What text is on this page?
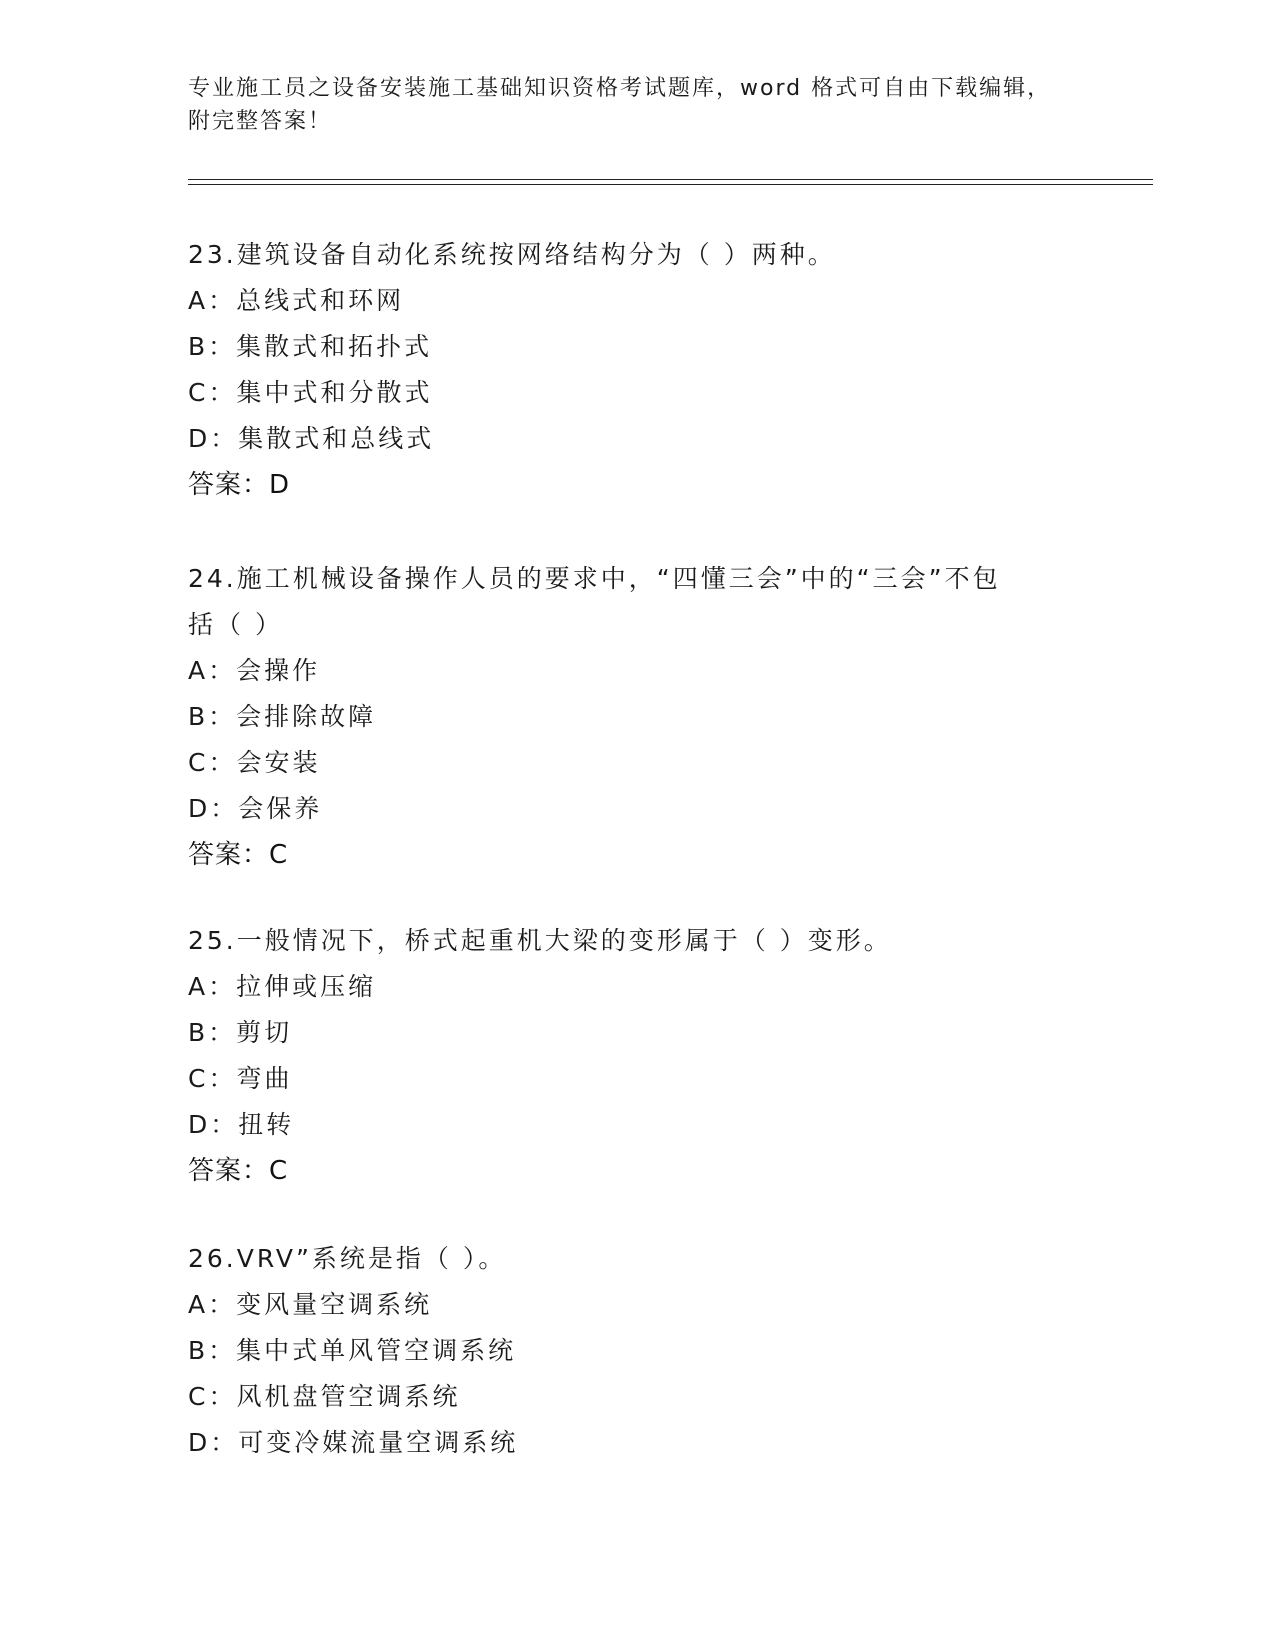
专业施工员之设备安装施工基础知识资格考试题库，word 格式可自由下载编辑，
附完整答案！
23.建筑设备自动化系统按网络结构分为（ ）两种。
A：总线式和环网
B：集散式和拓扑式
C：集中式和分散式
D：集散式和总线式
答案：D
24.施工机械设备操作人员的要求中，“四懂三会”中的“三会”不包
括（ ）
A：会操作
B：会排除故障
C：会安装
D：会保养
答案：C
25.一般情况下，桥式起重机大梁的变形属于（ ）变形。
A：拉伸或压缩
B：剪切
C：弯曲
D：扭转
答案：C
26.VRV”系统是指（ ）。
A：变风量空调系统
B：集中式单风管空调系统
C：风机盘管空调系统
D：可变冷媒流量空调系统
